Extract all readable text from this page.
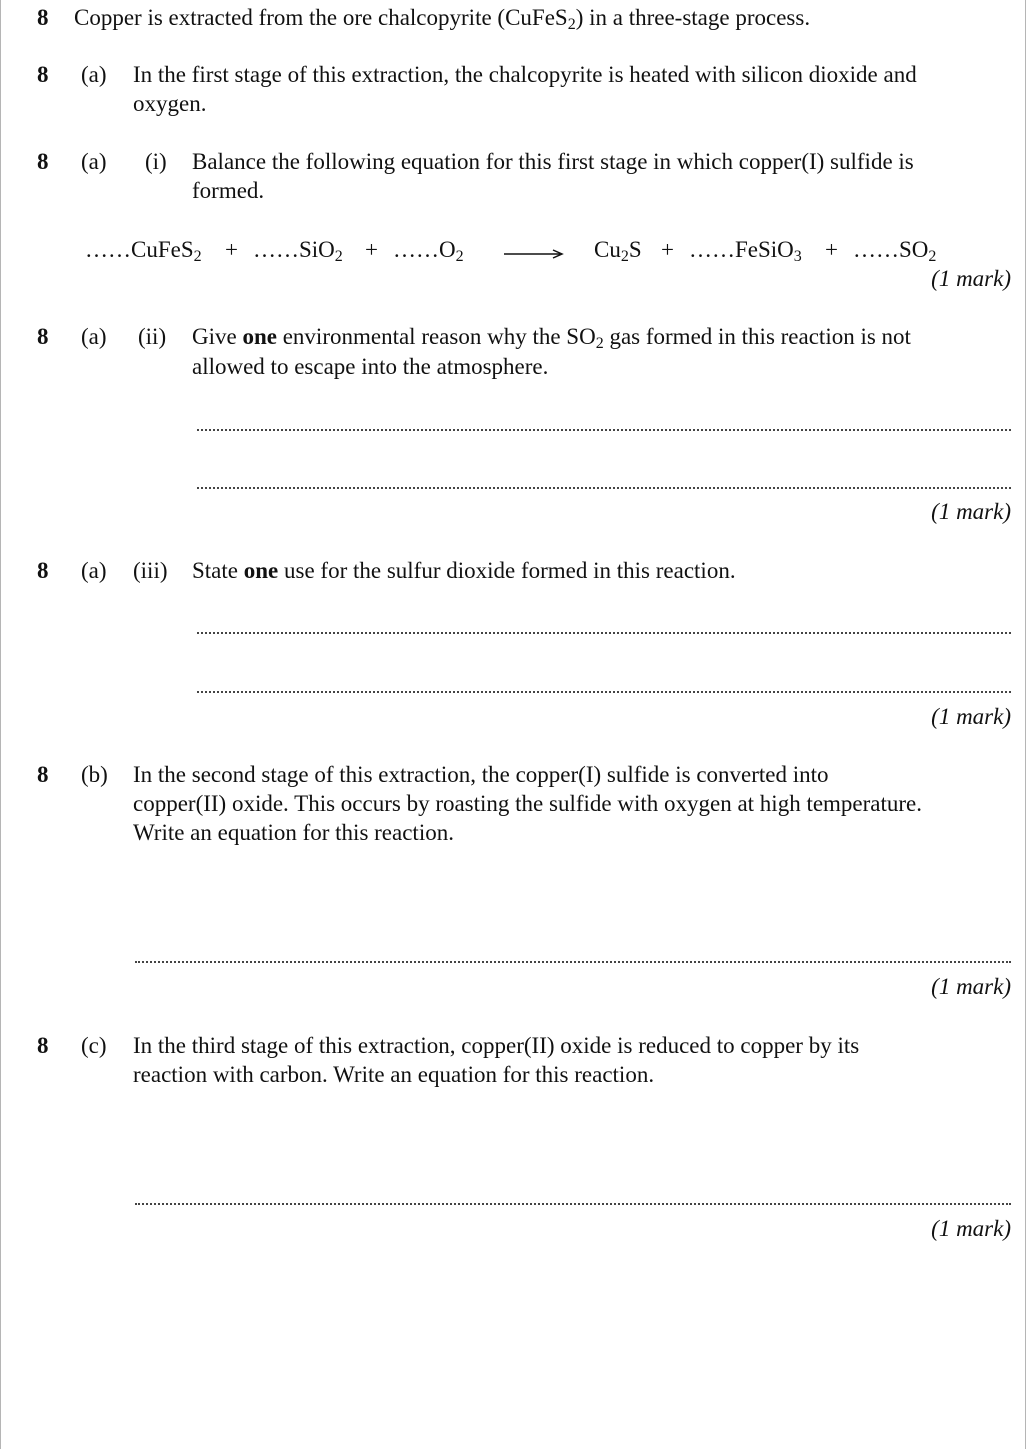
8 Copper is extracted from the ore chalcopyrite (CuFeS$_2$) in a three-stage process.
8 (a) In the first stage of this extraction, the chalcopyrite is heated with silicon dioxide and
oxygen.
8 (a) (i) Balance the following equation for this first stage in which copper(I) sulfide is
formed.
……CuFeS$_2$ + ……SiO$_2$ + $\dots\dots O_2$	$Cu_2S$ + ……FeSiO$_3$ + $\dots\dots SO_2$
(1 mark)
8 (a) (ii) Give one environmental reason why the $SO_2$ gas formed in this reaction is not
allowed to escape into the atmosphere.
(1 mark)
8 (a) (iii) State one use for the sulfur dioxide formed in this reaction.
(1 mark)
8 (b) In the second stage of this extraction, the copper(I) sulfide is converted into
copper(II) oxide. This occurs by roasting the sulfide with oxygen at high temperature.
Write an equation for this reaction.
(1 mark)
8 (c) In the third stage of this extraction, copper(II) oxide is reduced to copper by its
reaction with carbon. Write an equation for this reaction.
(1 mark)
